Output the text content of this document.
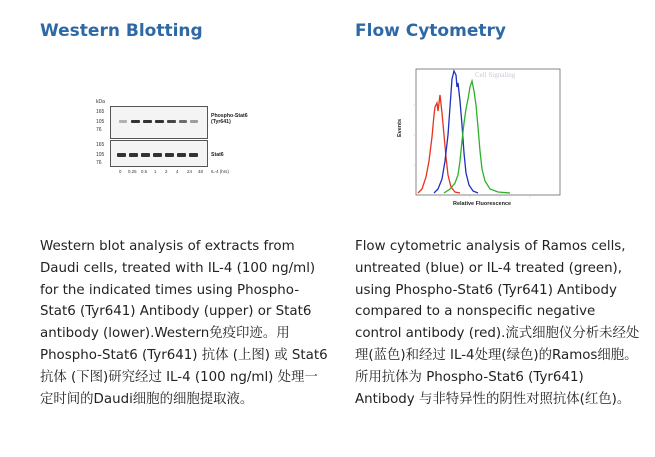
Western Blotting
kDa
165
105
76
Phospho-Stat6 (Tyr641)
165
105
76
Stat6
0 0.25 0.5 1 2 4 24 48 IL-4 (hrs)
Western blot analysis of extracts from Daudi cells, treated with IL-4 (100 ng/ml) for the indicated times using Phospho-Stat6 (Tyr641) Antibody (upper) or Stat6 antibody (lower).Western免疫印迹。用Phospho-Stat6 (Tyr641) 抗体 (上图) 或 Stat6 抗体 (下图)研究经过 IL-4 (100 ng/ml) 处理一定时间的Daudi细胞的细胞提取液。
Flow Cytometry
Cell Signaling
Events
Relative Fluorescence
Flow cytometric analysis of Ramos cells, untreated (blue) or IL-4 treated (green), using Phospho-Stat6 (Tyr641) Antibody compared to a nonspecific negative control antibody (red).流式细胞仪分析未经处理(蓝色)和经过 IL-4处理(绿色)的Ramos细胞。所用抗体为 Phospho-Stat6 (Tyr641) Antibody 与非特异性的阴性对照抗体(红色)。
